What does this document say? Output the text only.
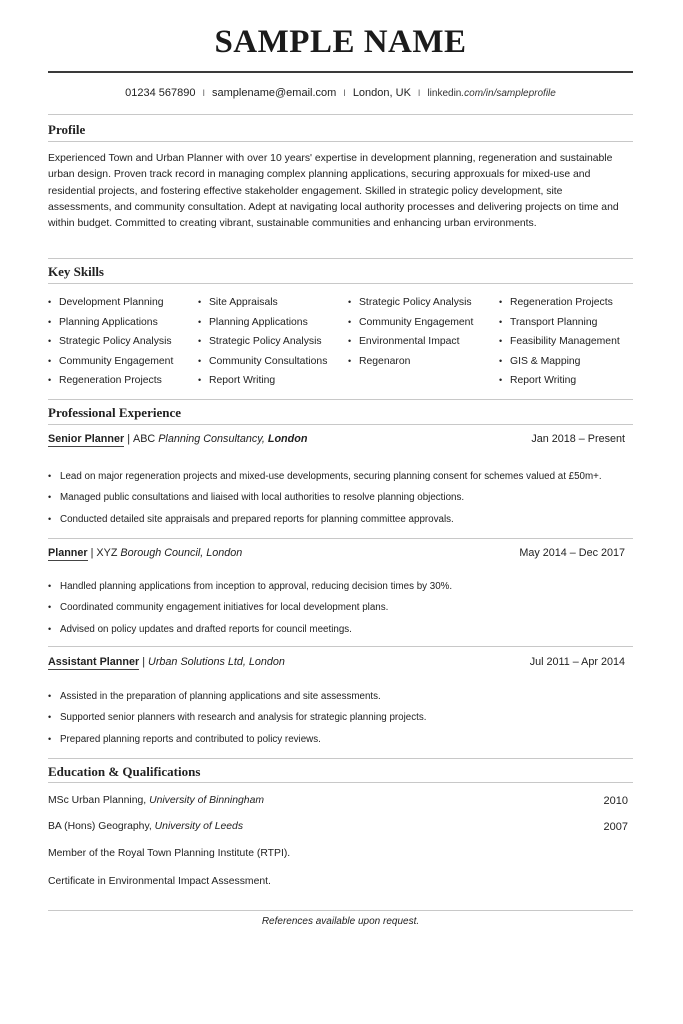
SAMPLE NAME
01234 567890 I samplename@email.com I London, UK I linkedin.com/in/sampleprofile
Profile
Experienced Town and Urban Planner with over 10 years' expertise in development planning, regeneration and sustainable urban design. Proven track record in managing complex planning applications, securing approxuals for mixed-use and residential projects, and fostering effective stakeholder engagement. Skilled in strategic policy development, site assessments, and community consultation. Adept at navigating local authority processes and delivering projects on time and within budget. Committed to creating vibrant, sustainable communities and enhancing urban ervironments.
Key Skills
• Development Planning
• Planning Applications
• Strategic Policy Analysis
• Community Engagement
• Regeneration Projects
• Site Appraisals
• Planning Applications
• Strategic Policy Analysis
• Community Consultations
• Report Writing
• Strategic Policy Analysis
• Community Engagement
• Environmental Impact
• Regenaron
• Regeneration Projects
• Transport Planning
• Feasibility Management
• GIS & Mapping
• Report Writing
Professional Experience
Senior Planner | ABC Planning Consultancy, London	Jan 2018 – Present
• Lead on major regeneration projects and mixed-use developments, securing planning consent for schemes valued at £50m+.
• Managed public consultations and liaised with local authorities to resolve planning objections.
• Conducted detailed site appraisals and prepared reports for planning committee approvals.
Planner | XYZ Borough Council, London	May 2014 – Dec 2017
• Handled planning applications from inception to approval, reducing decision times by 30%.
• Coordinated community engagement initiatives for local development plans.
• Advised on policy updates and drafted reports for council meetings.
Assistant Planner | Urban Solutions Ltd, London	Jul 2011 – Apr 2014
• Assisted in the preparation of planning applications and site assessments.
• Supported senior planners with research and analysis for strategic planning projects.
• Prepared planning reports and contributed to policy reviews.
Education & Qualifications
MSc Urban Planning, University of Binningham	2010
BA (Hons) Geography, University of Leeds	2007
Member of the Royal Town Planning Institute (RTPI).
Certificate in Environmental Impact Assessment.
References available upon request.
